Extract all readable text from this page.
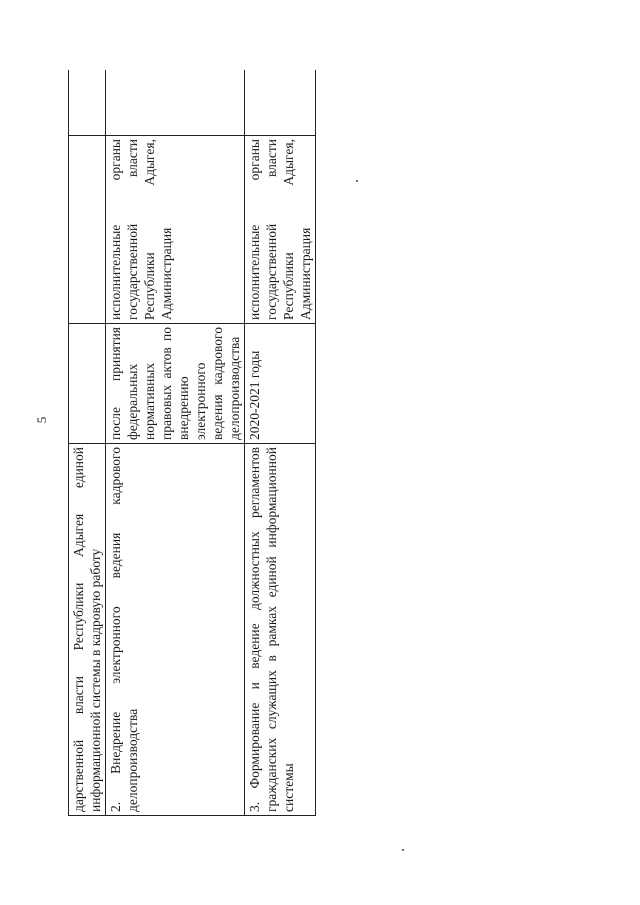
5
дарственной власти Республики Адыгея единой информационной системы в кадровую работу			

2. Внедрение электронного ведения кадрового делопроизводства	после принятия федеральных нормативных правовых актов по внедрению электронного ведения кадрового делопроизводства	исполнительные органы государственной власти Республики Адыгея, Администрация	

3. Формирование и ведение должностных регламентов гражданских служащих в рамках единой информационной системы	2020-2021 годы	исполнительные органы государственной власти Республики Адыгея, Администрация	
